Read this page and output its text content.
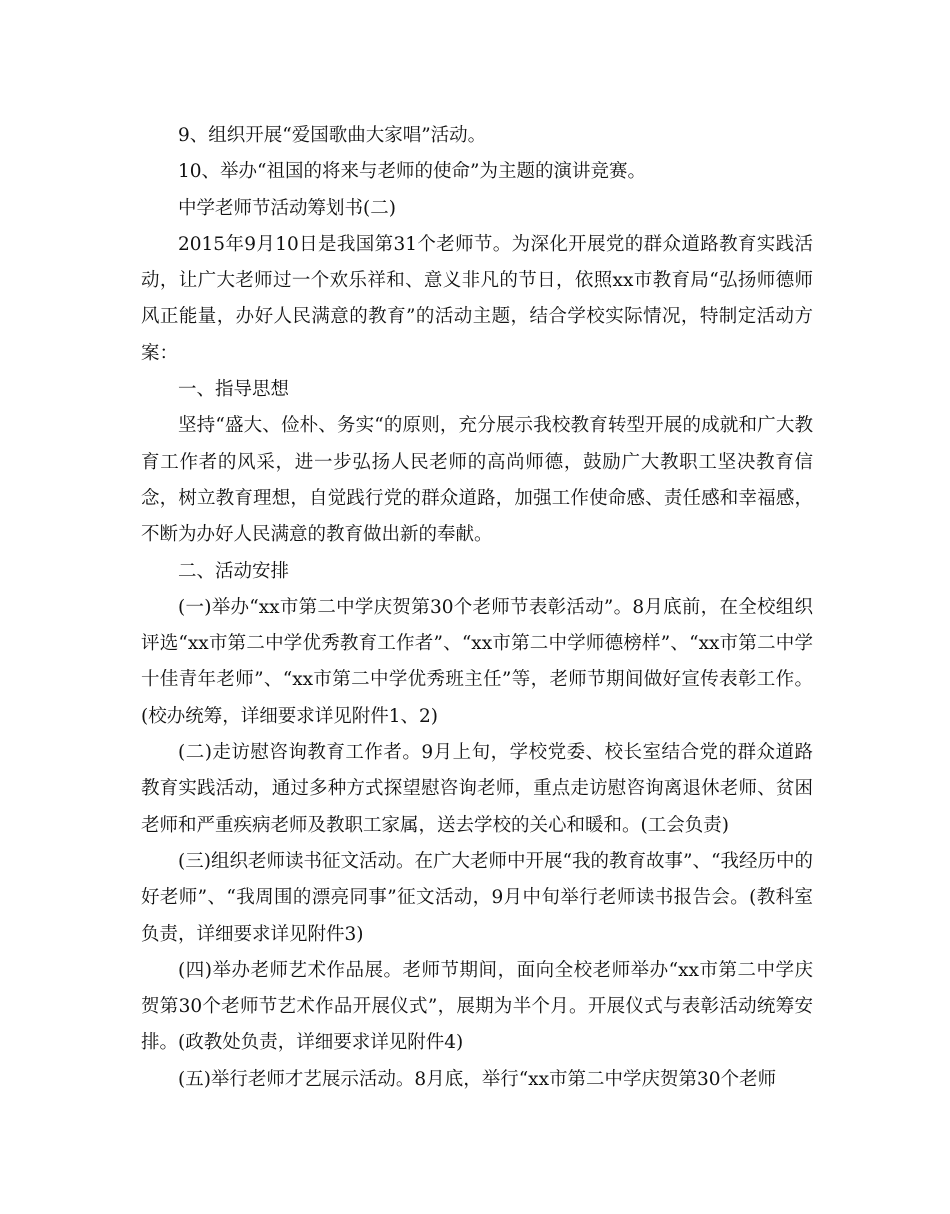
9、组织开展“爱国歌曲大家唱”活动。

10、举办“祖国的将来与老师的使命”为主题的演讲竞赛。

中学老师节活动筹划书(二)

2015年9月10日是我国第31个老师节。为深化开展党的群众道路教育实践活动，让广大老师过一个欢乐祥和、意义非凡的节日，依照xx市教育局“弘扬师德师风正能量，办好人民满意的教育”的活动主题，结合学校实际情况，特制定活动方案：

一、指导思想

坚持“盛大、俭朴、务实“的原则，充分展示我校教育转型开展的成就和广大教育工作者的风采，进一步弘扬人民老师的高尚师德，鼓励广大教职工坚决教育信念，树立教育理想，自觉践行党的群众道路，加强工作使命感、责任感和幸福感，不断为办好人民满意的教育做出新的奉献。

二、活动安排

(一)举办“xx市第二中学庆贺第30个老师节表彰活动”。8月底前，在全校组织评选“xx市第二中学优秀教育工作者”、“xx市第二中学师德榜样”、“xx市第二中学十佳青年老师”、“xx市第二中学优秀班主任”等，老师节期间做好宣传表彰工作。(校办统筹，详细要求详见附件1、2)

(二)走访慰咨询教育工作者。9月上旬，学校党委、校长室结合党的群众道路教育实践活动，通过多种方式探望慰咨询老师，重点走访慰咨询离退休老师、贫困老师和严重疾病老师及教职工家属，送去学校的关心和暖和。(工会负责)

(三)组织老师读书征文活动。在广大老师中开展“我的教育故事”、“我经历中的好老师”、“我周围的漂亮同事”征文活动，9月中旬举行老师读书报告会。(教科室负责，详细要求详见附件3)

(四)举办老师艺术作品展。老师节期间，面向全校老师举办“xx市第二中学庆贺第30个老师节艺术作品开展仪式”，展期为半个月。开展仪式与表彰活动统筹安排。(政教处负责，详细要求详见附件4)

(五)举行老师才艺展示活动。8月底，举行“xx市第二中学庆贺第30个老师
